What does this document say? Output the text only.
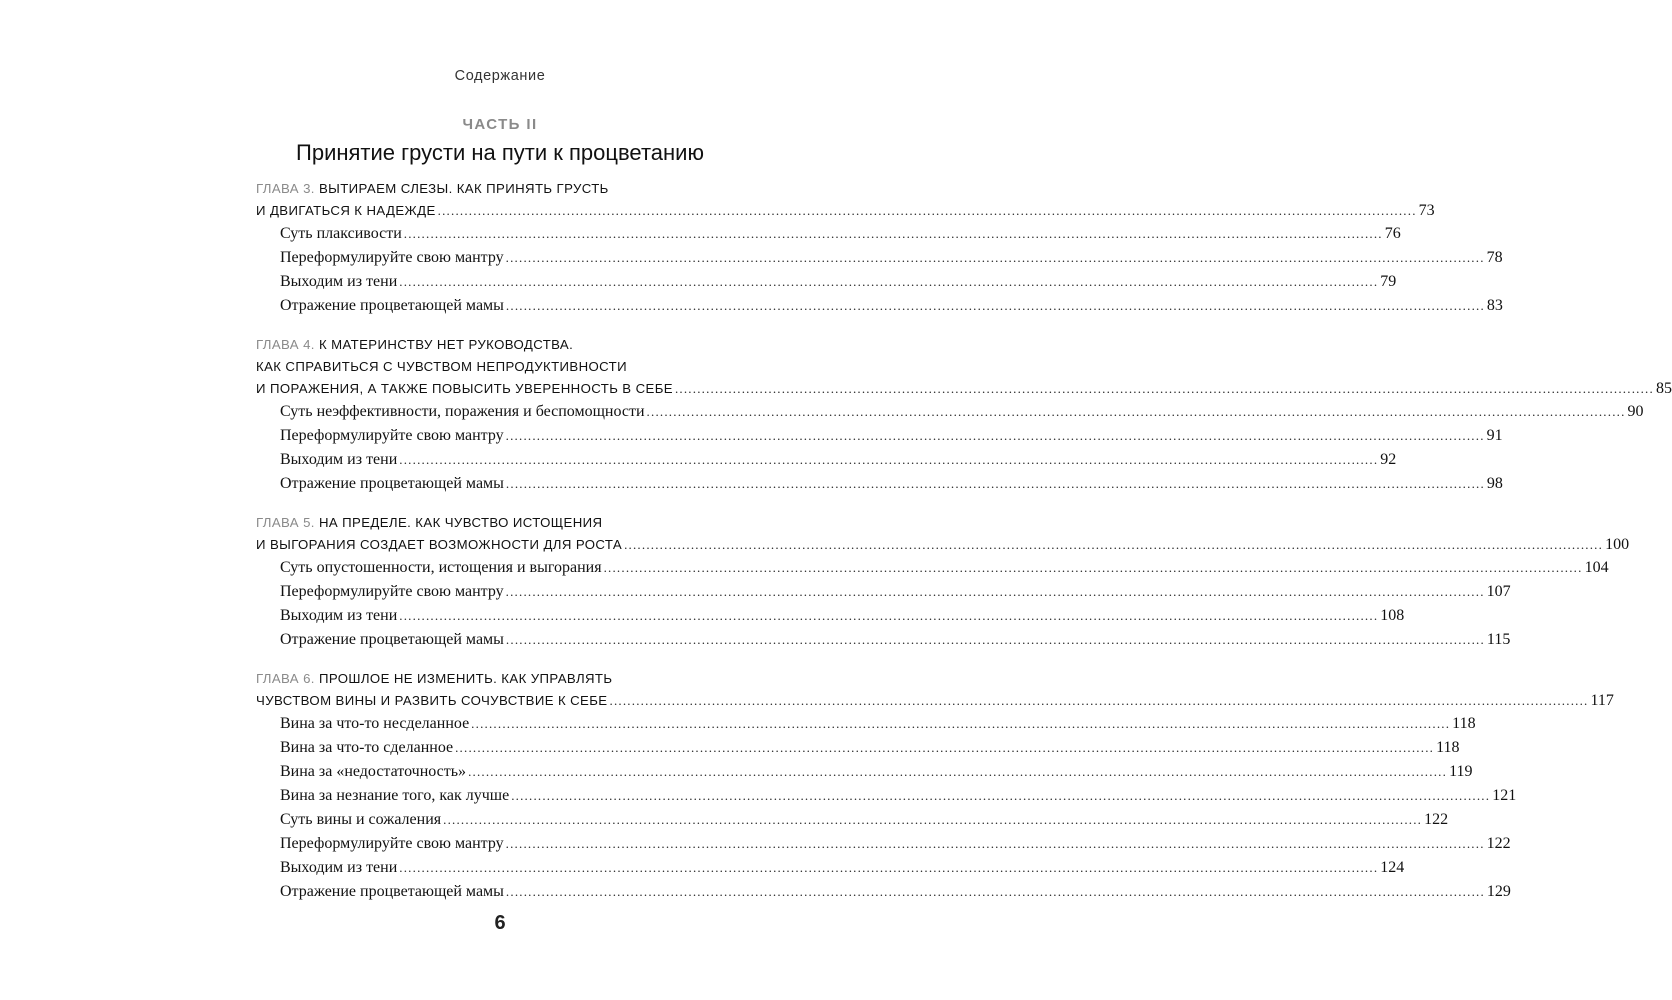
Содержание
ЧАСТЬ II
Принятие грусти на пути к процветанию
ГЛАВА 3. ВЫТИРАЕМ СЛЕЗЫ. КАК ПРИНЯТЬ ГРУСТЬ
И ДВИГАТЬСЯ К НАДЕЖДЕ ............................................................................................................................................................................................................................ 73
Суть плаксивости ............................................................................................................................................................................................................................ 76
Переформулируйте свою мантру ............................................................................................................................................................................................................................ 78
Выходим из тени ............................................................................................................................................................................................................................ 79
Отражение процветающей мамы ............................................................................................................................................................................................................................ 83
ГЛАВА 4. К МАТЕРИНСТВУ НЕТ РУКОВОДСТВА.
КАК СПРАВИТЬСЯ С ЧУВСТВОМ НЕПРОДУКТИВНОСТИ
И ПОРАЖЕНИЯ, А ТАКЖЕ ПОВЫСИТЬ УВЕРЕННОСТЬ В СЕБЕ ............................................................................................................................................................................................................................ 85
Суть неэффективности, поражения и беспомощности ............................................................................................................................................................................................................................ 90
Переформулируйте свою мантру ............................................................................................................................................................................................................................ 91
Выходим из тени ............................................................................................................................................................................................................................ 92
Отражение процветающей мамы ............................................................................................................................................................................................................................ 98
ГЛАВА 5. НА ПРЕДЕЛЕ. КАК ЧУВСТВО ИСТОЩЕНИЯ
И ВЫГОРАНИЯ СОЗДАЕТ ВОЗМОЖНОСТИ ДЛЯ РОСТА ............................................................................................................................................................................................................................ 100
Суть опустошенности, истощения и выгорания ............................................................................................................................................................................................................................ 104
Переформулируйте свою мантру ............................................................................................................................................................................................................................ 107
Выходим из тени ............................................................................................................................................................................................................................ 108
Отражение процветающей мамы ............................................................................................................................................................................................................................ 115
ГЛАВА 6. ПРОШЛОЕ НЕ ИЗМЕНИТЬ. КАК УПРАВЛЯТЬ
ЧУВСТВОМ ВИНЫ И РАЗВИТЬ СОЧУВСТВИЕ К СЕБЕ ............................................................................................................................................................................................................................ 117
Вина за что-то несделанное ............................................................................................................................................................................................................................ 118
Вина за что-то сделанное ............................................................................................................................................................................................................................ 118
Вина за «недостаточность» ............................................................................................................................................................................................................................ 119
Вина за незнание того, как лучше ............................................................................................................................................................................................................................ 121
Суть вины и сожаления ............................................................................................................................................................................................................................ 122
Переформулируйте свою мантру ............................................................................................................................................................................................................................ 122
Выходим из тени ............................................................................................................................................................................................................................ 124
Отражение процветающей мамы ............................................................................................................................................................................................................................ 129
6
